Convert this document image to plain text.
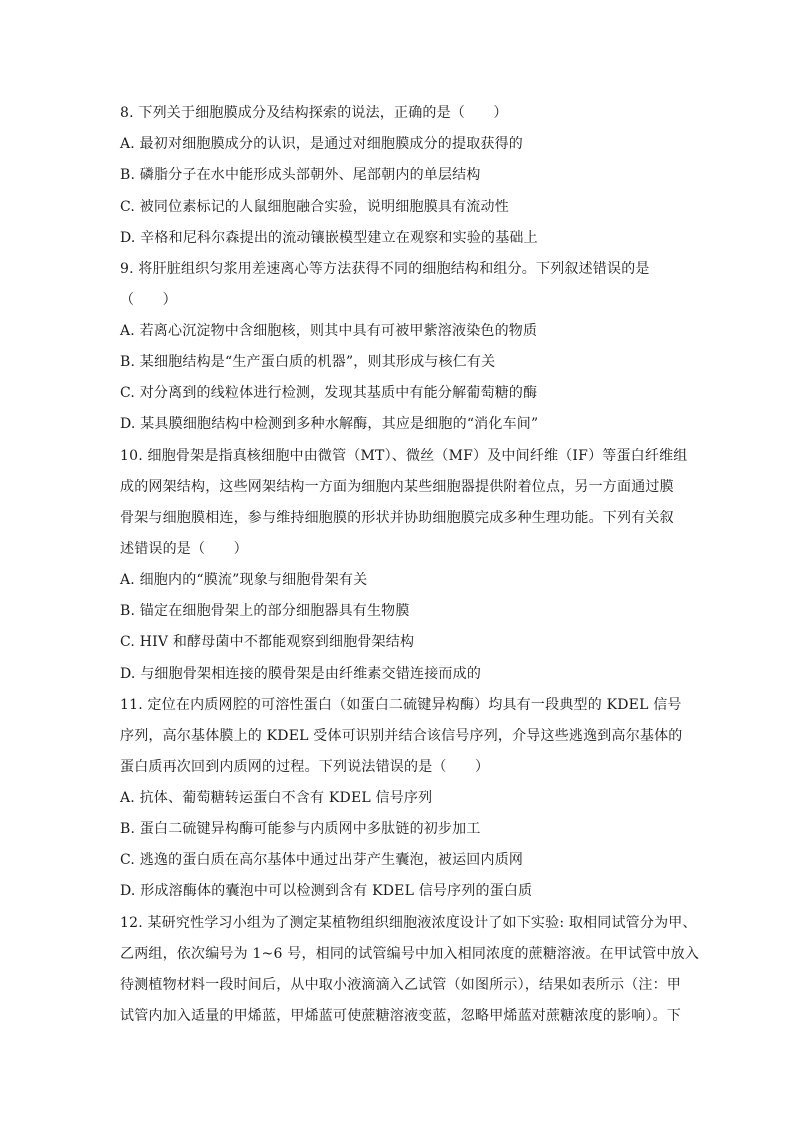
8. 下列关于细胞膜成分及结构探索的说法，正确的是（　　）
A. 最初对细胞膜成分的认识，是通过对细胞膜成分的提取获得的
B. 磷脂分子在水中能形成头部朝外、尾部朝内的单层结构
C. 被同位素标记的人鼠细胞融合实验，说明细胞膜具有流动性
D. 辛格和尼科尔森提出的流动镶嵌模型建立在观察和实验的基础上
9. 将肝脏组织匀浆用差速离心等方法获得不同的细胞结构和组分。下列叙述错误的是
（　　）
A. 若离心沉淀物中含细胞核，则其中具有可被甲紫溶液染色的物质
B. 某细胞结构是“生产蛋白质的机器”，则其形成与核仁有关
C. 对分离到的线粒体进行检测，发现其基质中有能分解葡萄糖的酶
D. 某具膜细胞结构中检测到多种水解酶，其应是细胞的“消化车间”
10. 细胞骨架是指真核细胞中由微管（MT）、微丝（MF）及中间纤维（IF）等蛋白纤维组
成的网架结构，这些网架结构一方面为细胞内某些细胞器提供附着位点，另一方面通过膜
骨架与细胞膜相连，参与维持细胞膜的形状并协助细胞膜完成多种生理功能。下列有关叙
述错误的是（　　）
A. 细胞内的“膜流”现象与细胞骨架有关
B. 锚定在细胞骨架上的部分细胞器具有生物膜
C. HIV 和酵母菌中不都能观察到细胞骨架结构
D. 与细胞骨架相连接的膜骨架是由纤维素交错连接而成的
11. 定位在内质网腔的可溶性蛋白（如蛋白二硫键异构酶）均具有一段典型的 KDEL 信号
序列，高尔基体膜上的 KDEL 受体可识别并结合该信号序列，介导这些逃逸到高尔基体的
蛋白质再次回到内质网的过程。下列说法错误的是（　　）
A. 抗体、葡萄糖转运蛋白不含有 KDEL 信号序列
B. 蛋白二硫键异构酶可能参与内质网中多肽链的初步加工
C. 逃逸的蛋白质在高尔基体中通过出芽产生囊泡，被运回内质网
D. 形成溶酶体的囊泡中可以检测到含有 KDEL 信号序列的蛋白质
12. 某研究性学习小组为了测定某植物组织细胞液浓度设计了如下实验: 取相同试管分为甲、
乙两组，依次编号为 1~6 号，相同的试管编号中加入相同浓度的蔗糖溶液。在甲试管中放入
待测植物材料一段时间后，从中取小液滴滴入乙试管（如图所示），结果如表所示（注：甲
试管内加入适量的甲烯蓝，甲烯蓝可使蔗糖溶液变蓝，忽略甲烯蓝对蔗糖浓度的影响）。下
